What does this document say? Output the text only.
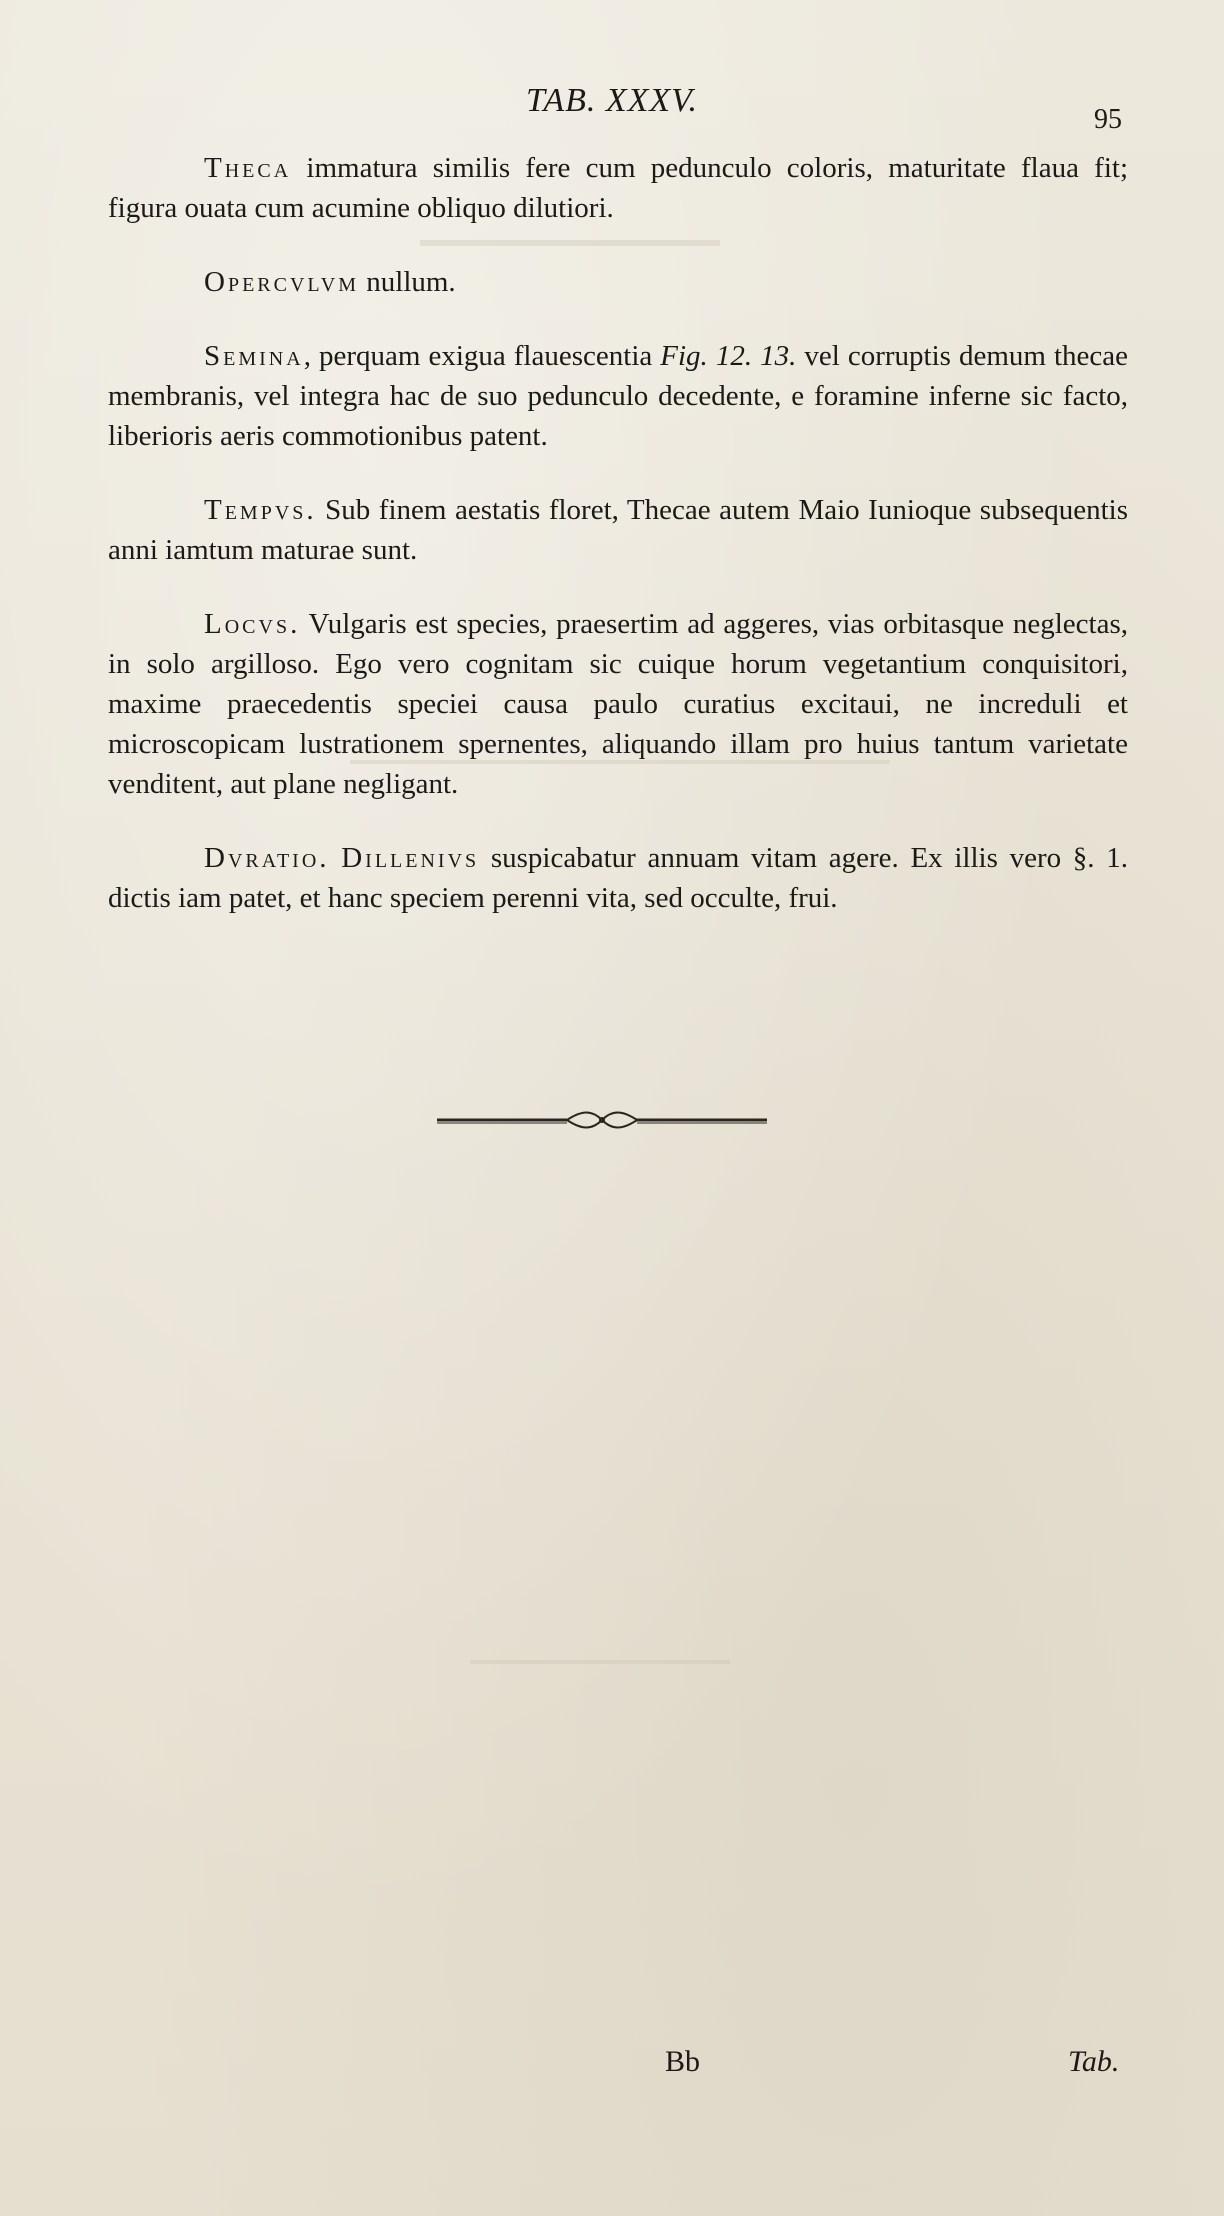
TAB. XXXV.
95

Theca immatura similis fere cum pedunculo coloris, maturitate flaua fit; figura ouata cum acumine obliquo dilutiori.

Opercvlvm nullum.

Semina, perquam exigua flauescentia Fig. 12. 13. vel corruptis demum thecae membranis, vel integra hac de suo pedunculo decedente, e foramine inferne sic facto, liberioris aeris commotionibus patent.

Tempvs. Sub finem aestatis floret, Thecae autem Maio Iunioque subsequentis anni iamtum maturae sunt.

Locvs. Vulgaris est species, praesertim ad aggeres, vias orbitasque neglectas, in solo argilloso. Ego vero cognitam sic cuique horum vegetantium conquisitori, maxime praecedentis speciei causa paulo curatius excitaui, ne increduli et microscopicam lustrationem spernentes, aliquando illam pro huius tantum varietate venditent, aut plane negligant.

Dvratio. Dillenivs suspicabatur annuam vitam agere. Ex illis vero §. 1. dictis iam patet, et hanc speciem perenni vita, sed occulte, frui.

Bb	Tab.
